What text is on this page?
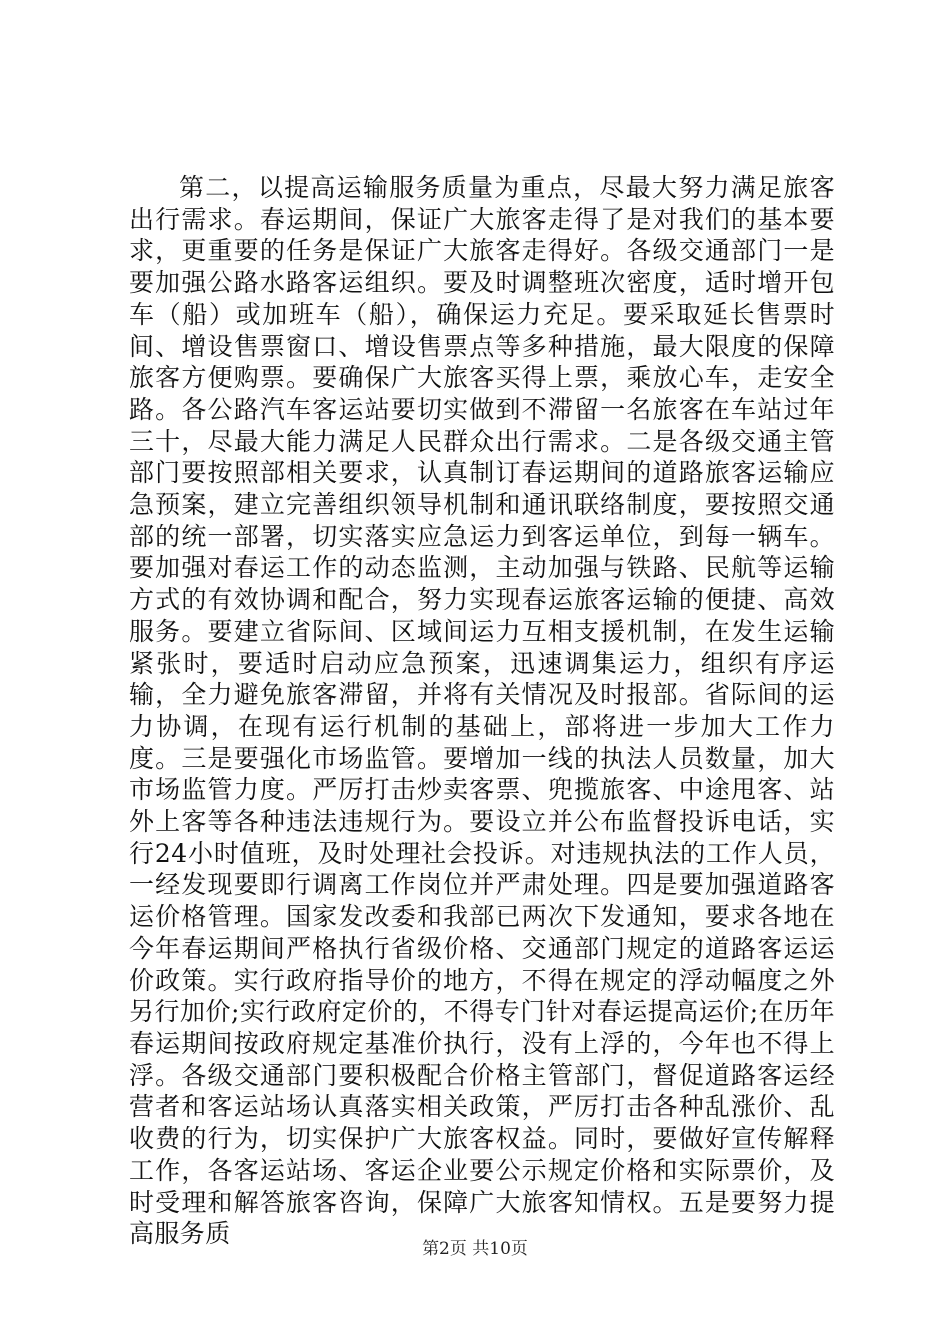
第二，以提高运输服务质量为重点，尽最大努力满足旅客出行需求。春运期间，保证广大旅客走得了是对我们的基本要求，更重要的任务是保证广大旅客走得好。各级交通部门一是要加强公路水路客运组织。要及时调整班次密度，适时增开包车（船）或加班车（船），确保运力充足。要采取延长售票时间、增设售票窗口、增设售票点等多种措施，最大限度的保障旅客方便购票。要确保广大旅客买得上票，乘放心车，走安全路。各公路汽车客运站要切实做到不滞留一名旅客在车站过年三十，尽最大能力满足人民群众出行需求。二是各级交通主管部门要按照部相关要求，认真制订春运期间的道路旅客运输应急预案，建立完善组织领导机制和通讯联络制度，要按照交通部的统一部署，切实落实应急运力到客运单位，到每一辆车。要加强对春运工作的动态监测，主动加强与铁路、民航等运输方式的有效协调和配合，努力实现春运旅客运输的便捷、高效服务。要建立省际间、区域间运力互相支援机制，在发生运输紧张时，要适时启动应急预案，迅速调集运力，组织有序运输，全力避免旅客滞留，并将有关情况及时报部。省际间的运力协调，在现有运行机制的基础上，部将进一步加大工作力度。三是要强化市场监管。要增加一线的执法人员数量，加大市场监管力度。严厉打击炒卖客票、兜揽旅客、中途甩客、站外上客等各种违法违规行为。要设立并公布监督投诉电话，实行24小时值班，及时处理社会投诉。对违规执法的工作人员，一经发现要即行调离工作岗位并严肃处理。四是要加强道路客运价格管理。国家发改委和我部已两次下发通知，要求各地在今年春运期间严格执行省级价格、交通部门规定的道路客运运价政策。实行政府指导价的地方，不得在规定的浮动幅度之外另行加价;实行政府定价的，不得专门针对春运提高运价;在历年春运期间按政府规定基准价执行，没有上浮的，今年也不得上浮。各级交通部门要积极配合价格主管部门，督促道路客运经营者和客运站场认真落实相关政策，严厉打击各种乱涨价、乱收费的行为，切实保护广大旅客权益。同时，要做好宣传解释工作，各客运站场、客运企业要公示规定价格和实际票价，及时受理和解答旅客咨询，保障广大旅客知情权。五是要努力提高服务质

第2页 共10页
